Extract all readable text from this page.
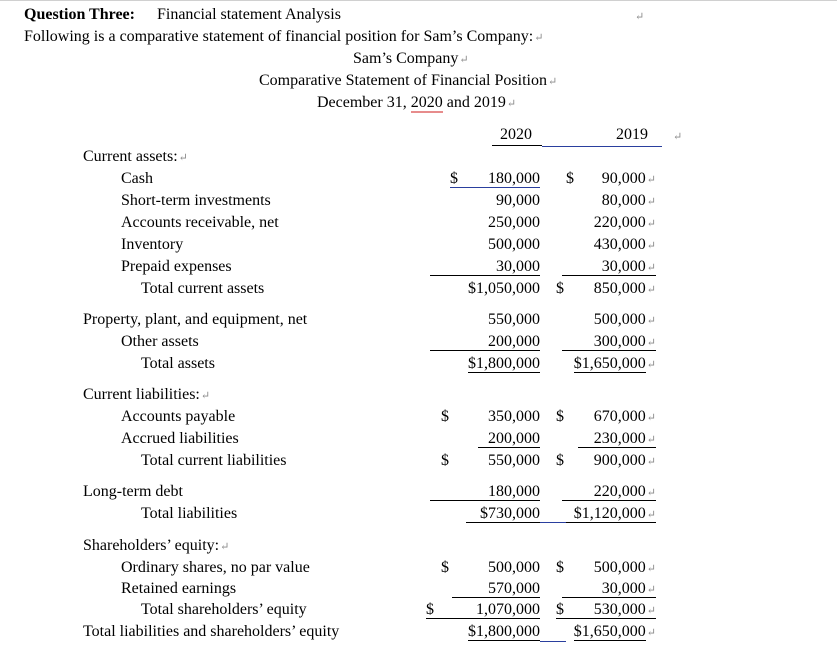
Question Three: Financial statement Analysis	↵
Following is a comparative statement of financial position for Sam’s Company:↵
Sam’s Company↵
Comparative Statement of Financial Position↵
December 31, 2020 and 2019↵
2020	2019 ↵
Current assets:↵
Cash	$	180,000 $	90,000↵
Short-term investments	90,000	80,000↵
Accounts receivable, net	250,000	220,000↵
Inventory	500,000	430,000↵
Prepaid expenses	30,000	30,000↵
Total current assets	$1,050,000 $	850,000↵
Property, plant, and equipment, net	550,000	500,000↵
Other assets	200,000	300,000↵
Total assets	$1,800,000	$1,650,000↵
Current liabilities:↵
Accounts payable	$	350,000 $	670,000↵
Accrued liabilities	200,000	230,000↵
Total current liabilities	$	550,000 $	900,000↵
Long-term debt	180,000	220,000↵
Total liabilities	$730,000	$1,120,000↵
Shareholders’ equity:↵
Ordinary shares, no par value	$	500,000 $	500,000↵
Retained earnings	570,000	30,000↵
Total shareholders’ equity	$	1,070,000 $	530,000↵
Total liabilities and shareholders’ equity	$1,800,000	$1,650,000↵
